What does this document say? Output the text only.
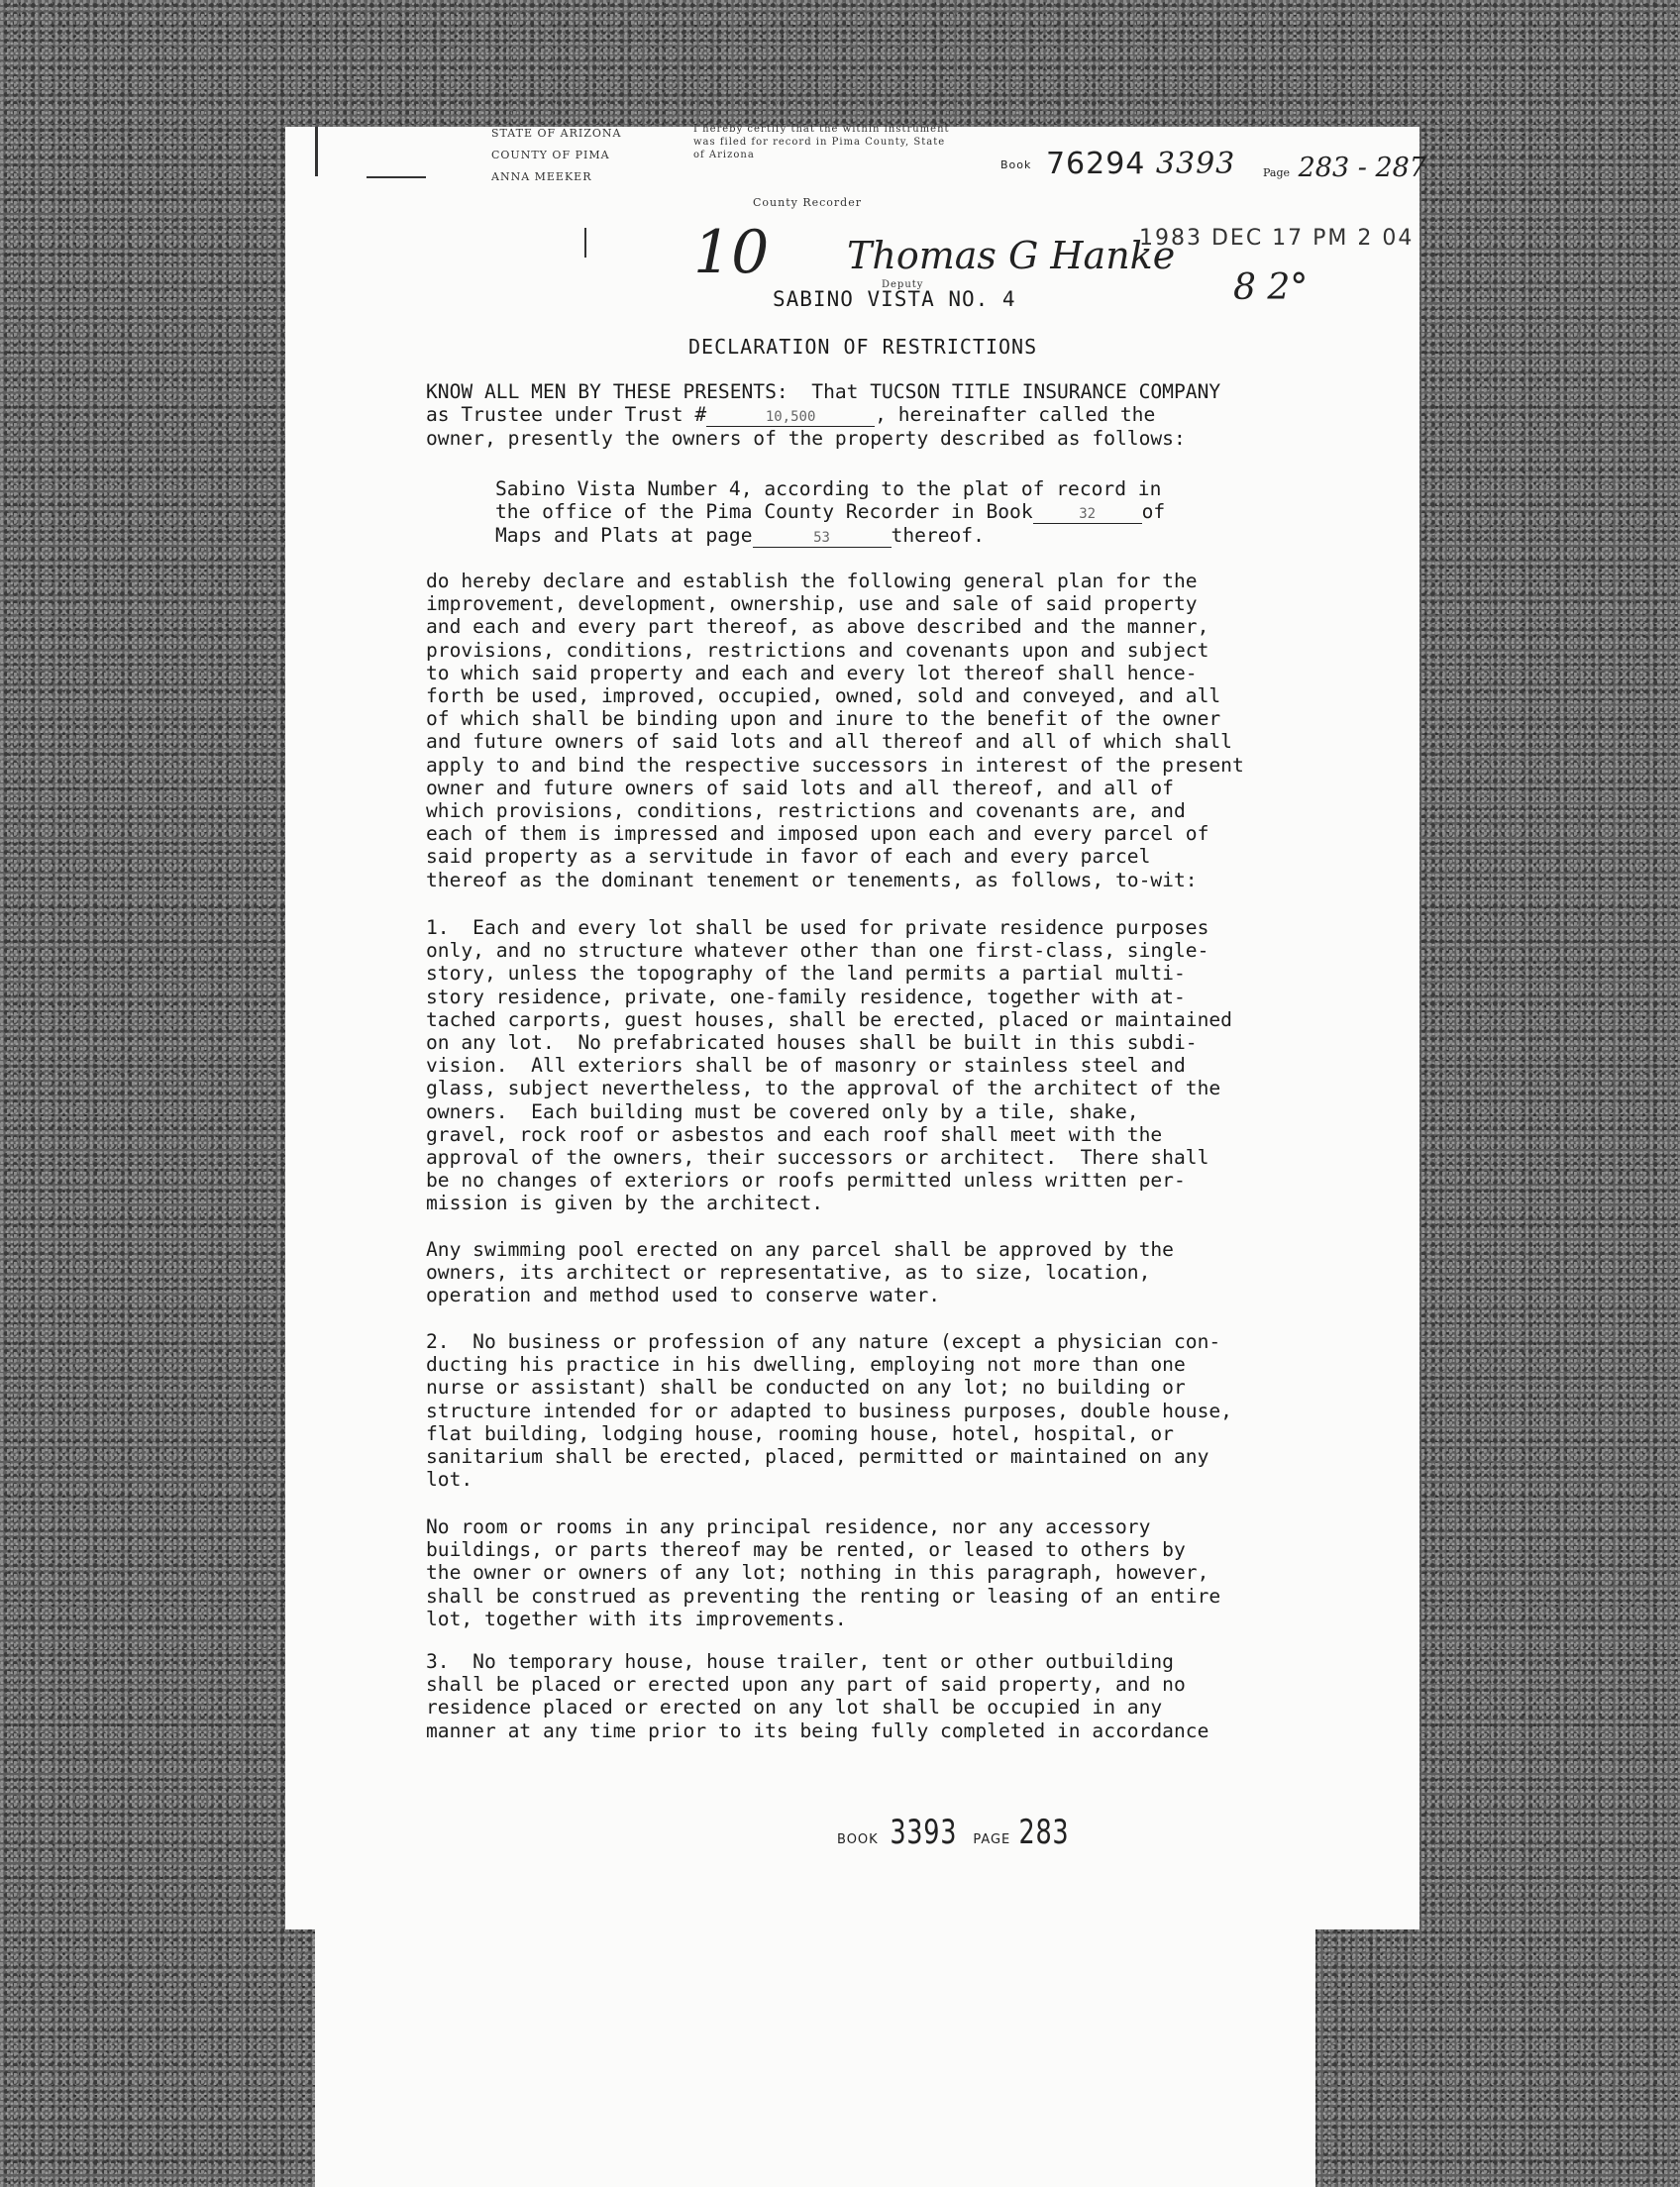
STATE OF ARIZONA
COUNTY OF PIMA
ANNA MEEKER
I hereby certify that the within instrument was filed for record in Pima County, State of Arizona
County Recorder
Deputy
Book 76294 3393	Page 283 - 287
1983 DEC 17 PM 2 04
10 Thomas G Hanke
8 2°
SABINO VISTA NO. 4
DECLARATION OF RESTRICTIONS
KNOW ALL MEN BY THESE PRESENTS:  That TUCSON TITLE INSURANCE COMPANY
as Trustee under Trust #	10,500	, hereinafter called the
owner, presently the owners of the property described as follows:
Sabino Vista Number 4, according to the plat of record in
the office of the Pima County Recorder in Book	32 of
Maps and Plats at page	53	thereof.
do hereby declare and establish the following general plan for the
improvement, development, ownership, use and sale of said property
and each and every part thereof, as above described and the manner,
provisions, conditions, restrictions and covenants upon and subject
to which said property and each and every lot thereof shall hence-
forth be used, improved, occupied, owned, sold and conveyed, and all
of which shall be binding upon and inure to the benefit of the owner
and future owners of said lots and all thereof and all of which shall
apply to and bind the respective successors in interest of the present
owner and future owners of said lots and all thereof, and all of
which provisions, conditions, restrictions and covenants are, and
each of them is impressed and imposed upon each and every parcel of
said property as a servitude in favor of each and every parcel
thereof as the dominant tenement or tenements, as follows, to-wit:
1.  Each and every lot shall be used for private residence purposes
only, and no structure whatever other than one first-class, single-
story, unless the topography of the land permits a partial multi-
story residence, private, one-family residence, together with at-
tached carports, guest houses, shall be erected, placed or maintained
on any lot.  No prefabricated houses shall be built in this subdi-
vision.  All exteriors shall be of masonry or stainless steel and
glass, subject nevertheless, to the approval of the architect of the
owners.  Each building must be covered only by a tile, shake,
gravel, rock roof or asbestos and each roof shall meet with the
approval of the owners, their successors or architect.  There shall
be no changes of exteriors or roofs permitted unless written per-
mission is given by the architect.
Any swimming pool erected on any parcel shall be approved by the
owners, its architect or representative, as to size, location,
operation and method used to conserve water.
2.  No business or profession of any nature (except a physician con-
ducting his practice in his dwelling, employing not more than one
nurse or assistant) shall be conducted on any lot; no building or
structure intended for or adapted to business purposes, double house,
flat building, lodging house, rooming house, hotel, hospital, or
sanitarium shall be erected, placed, permitted or maintained on any
lot.
No room or rooms in any principal residence, nor any accessory
buildings, or parts thereof may be rented, or leased to others by
the owner or owners of any lot; nothing in this paragraph, however,
shall be construed as preventing the renting or leasing of an entire
lot, together with its improvements.
3.  No temporary house, house trailer, tent or other outbuilding
shall be placed or erected upon any part of said property, and no
residence placed or erected on any lot shall be occupied in any
manner at any time prior to its being fully completed in accordance
BOOK 3393 PAGE 283
